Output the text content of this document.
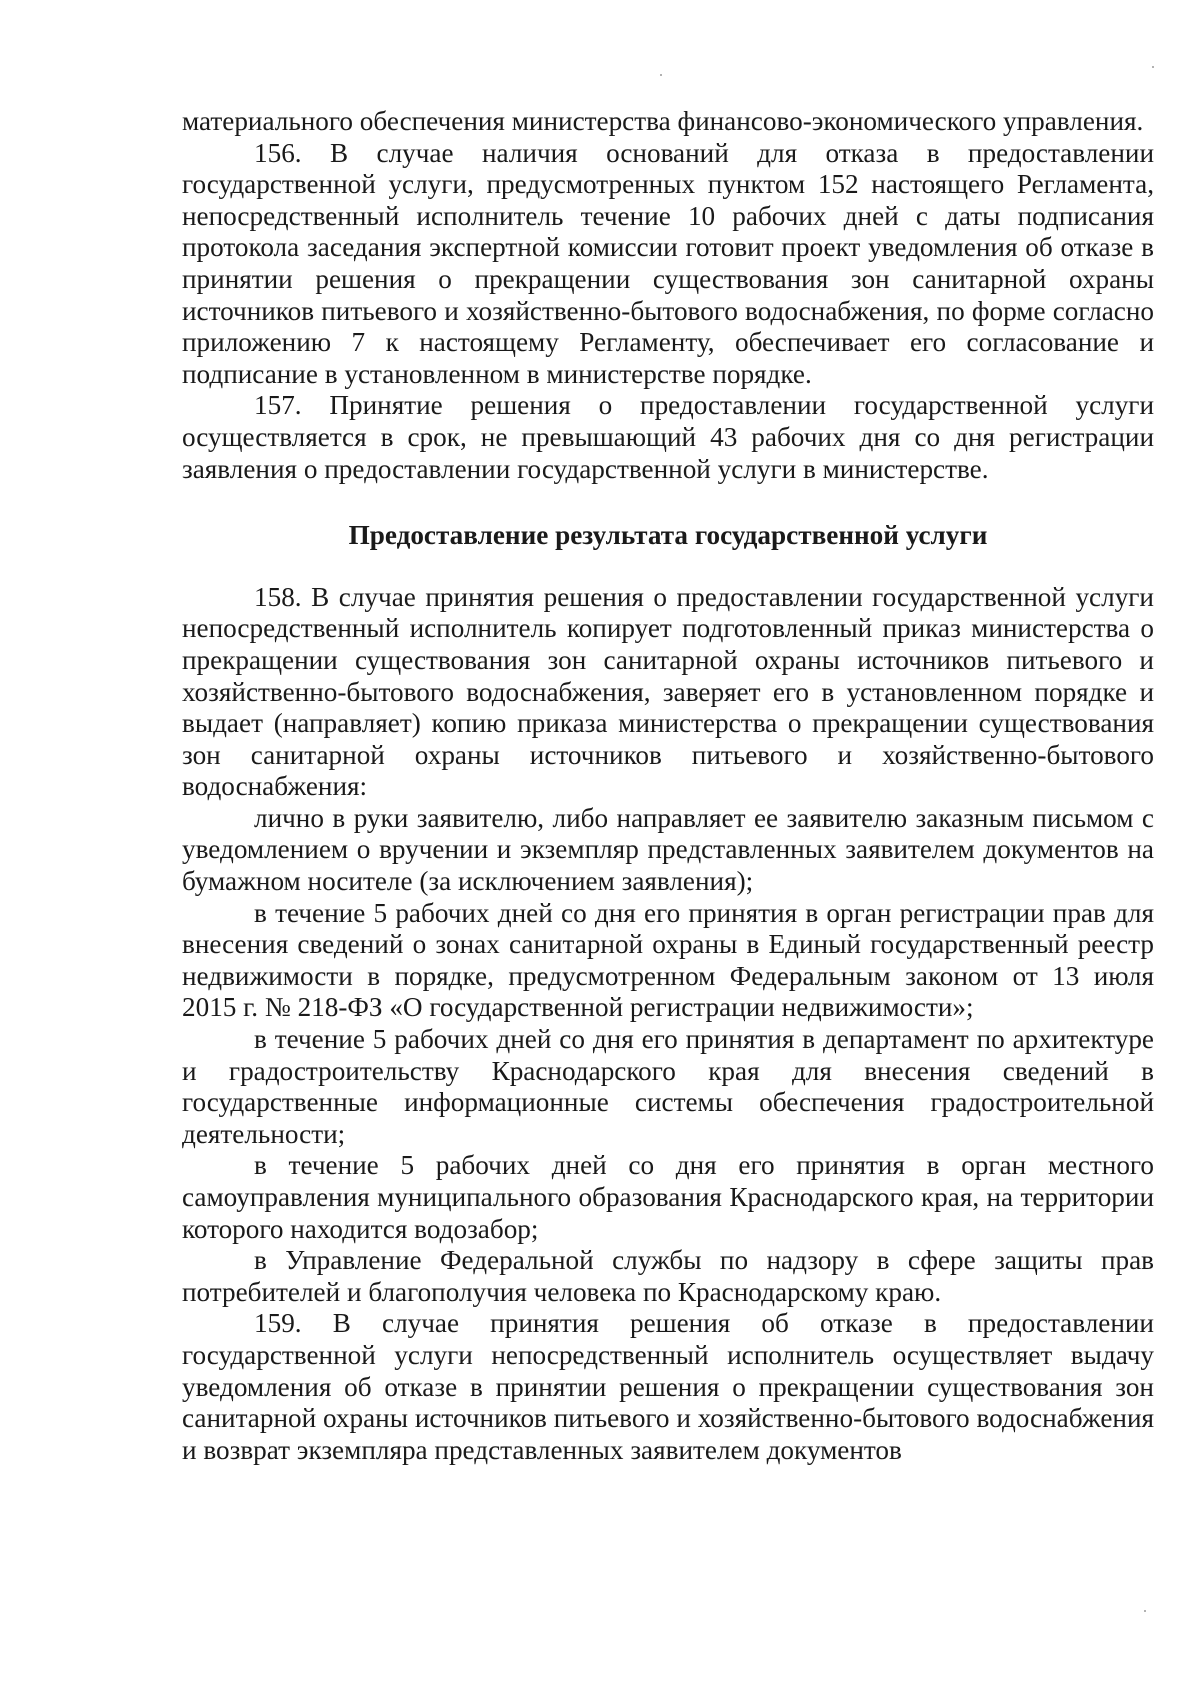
материального обеспечения министерства финансово-экономического управления.

156. В случае наличия оснований для отказа в предоставлении государственной услуги, предусмотренных пунктом 152 настоящего Регламента, непосредственный исполнитель течение 10 рабочих дней с даты подписания протокола заседания экспертной комиссии готовит проект уведомления об отказе в принятии решения о прекращении существования зон санитарной охраны источников питьевого и хозяйственно-бытового водоснабжения, по форме согласно приложению 7 к настоящему Регламенту, обеспечивает его согласование и подписание в установленном в министерстве порядке.

157. Принятие решения о предоставлении государственной услуги осуществляется в срок, не превышающий 43 рабочих дня со дня регистрации заявления о предоставлении государственной услуги в министерстве.

Предоставление результата государственной услуги

158. В случае принятия решения о предоставлении государственной услуги непосредственный исполнитель копирует подготовленный приказ министерства о прекращении существования зон санитарной охраны источников питьевого и хозяйственно-бытового водоснабжения, заверяет его в установленном порядке и выдает (направляет) копию приказа министерства о прекращении существования зон санитарной охраны источников питьевого и хозяйственно-бытового водоснабжения:

лично в руки заявителю, либо направляет ее заявителю заказным письмом с уведомлением о вручении и экземпляр представленных заявителем документов на бумажном носителе (за исключением заявления);

в течение 5 рабочих дней со дня его принятия в орган регистрации прав для внесения сведений о зонах санитарной охраны в Единый государственный реестр недвижимости в порядке, предусмотренном Федеральным законом от 13 июля 2015 г. № 218-ФЗ «О государственной регистрации недвижимости»;

в течение 5 рабочих дней со дня его принятия в департамент по архитектуре и градостроительству Краснодарского края для внесения сведений в государственные информационные системы обеспечения градостроительной деятельности;

в течение 5 рабочих дней со дня его принятия в орган местного самоуправления муниципального образования Краснодарского края, на территории которого находится водозабор;

в Управление Федеральной службы по надзору в сфере защиты прав потребителей и благополучия человека по Краснодарскому краю.

159. В случае принятия решения об отказе в предоставлении государственной услуги непосредственный исполнитель осуществляет выдачу уведомления об отказе в принятии решения о прекращении существования зон санитарной охраны источников питьевого и хозяйственно-бытового водоснабжения и возврат экземпляра представленных заявителем документов
